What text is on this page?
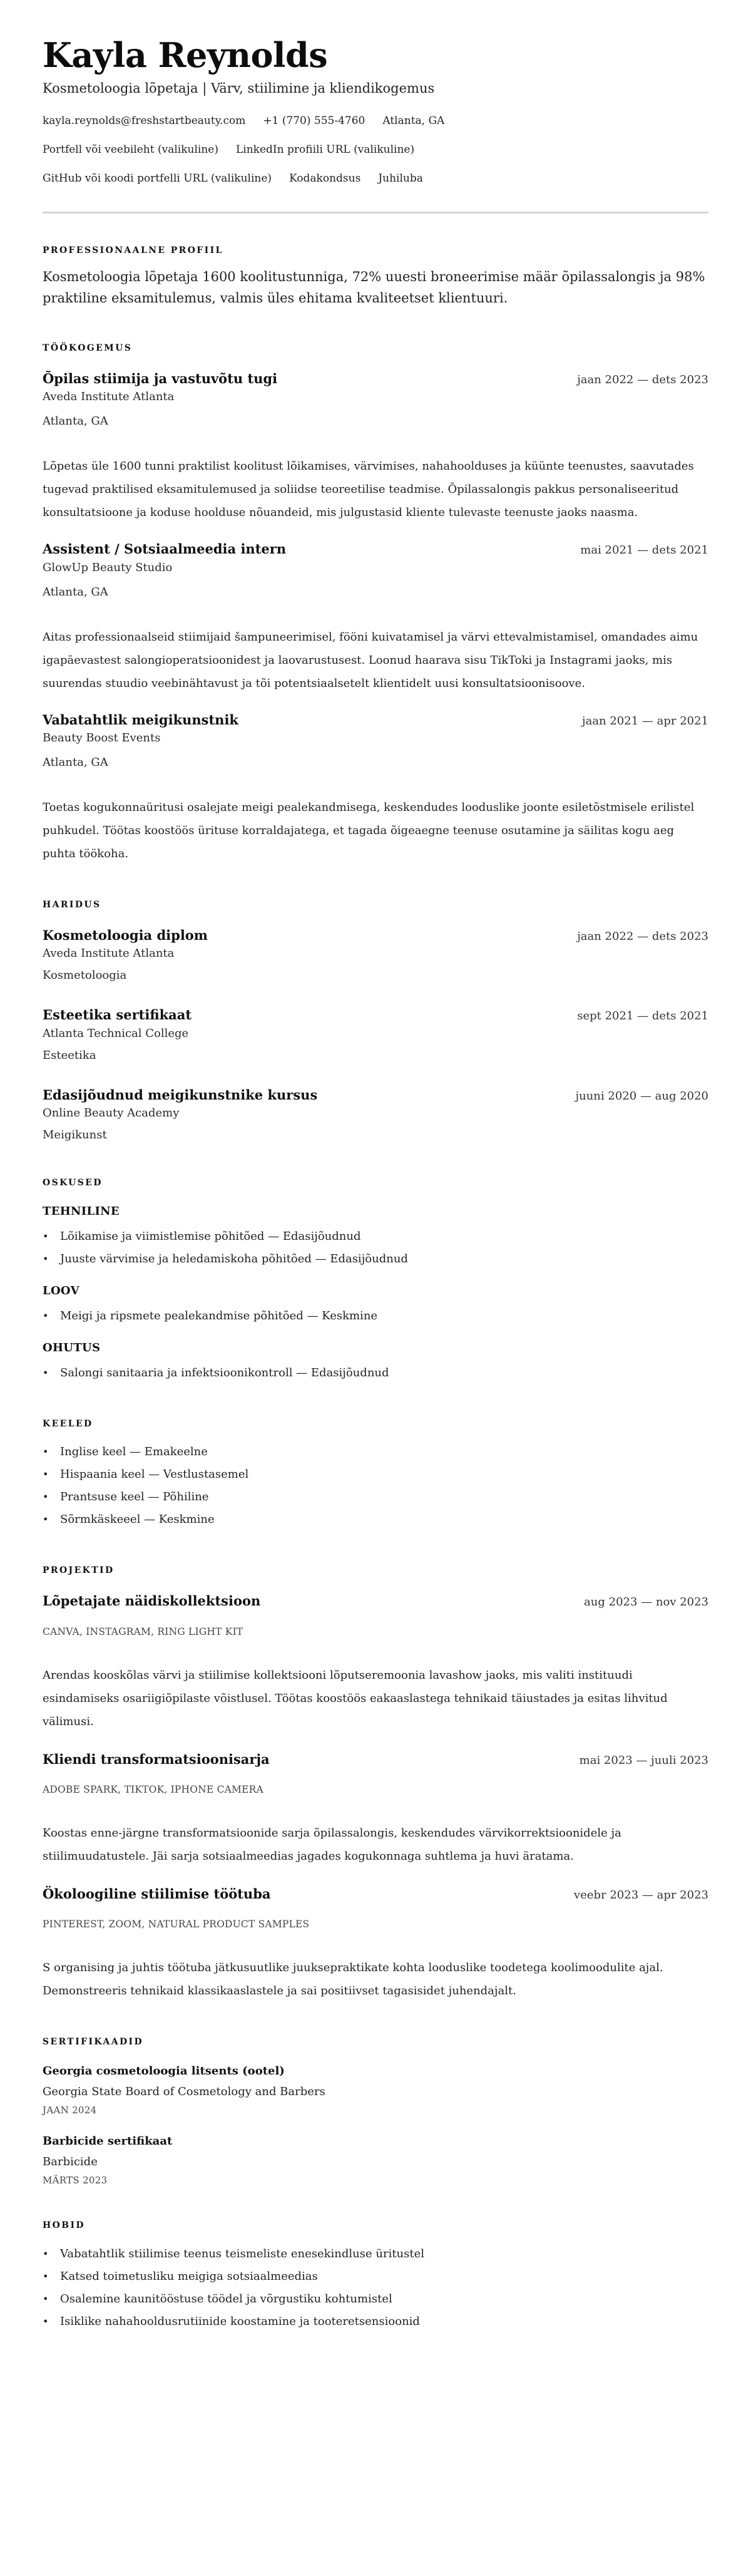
Kayla Reynolds
Kosmetoloogia lõpetaja | Värv, stiilimine ja kliendikogemus
kayla.reynolds@freshstartbeauty.com +1 (770) 555-4760 Atlanta, GA
Portfell või veebileht (valikuline) LinkedIn profiili URL (valikuline)
GitHub või koodi portfelli URL (valikuline) Kodakondsus Juhiluba
PROFESSIONAALNE PROFIIL

Kosmetoloogia lõpetaja 1600 koolitustunniga, 72% uuesti broneerimise määr õpilassalongis ja 98% praktiline eksamitulemus, valmis üles ehitama kvaliteetset klientuuri.

TÖÖKOGEMUS
Õpilas stiimija ja vastuvõtu tugi	jaan 2022 — dets 2023
Aveda Institute Atlanta
Atlanta, GA

Lõpetas üle 1600 tunni praktilist koolitust lõikamises, värvimises, nahahoolduses ja küünte teenustes, saavutades tugevad praktilised eksamitulemused ja soliidse teoreetilise teadmise. Õpilassalongis pakkus personaliseeritud konsultatsioone ja koduse hoolduse nõuandeid, mis julgustasid kliente tulevaste teenuste jaoks naasma.

Assistent / Sotsiaalmeedia intern	mai 2021 — dets 2021
GlowUp Beauty Studio
Atlanta, GA

Aitas professionaalseid stiimijaid šampuneerimisel, fööni kuivatamisel ja värvi ettevalmistamisel, omandades aimu igapäevastest salongioperatsioonidest ja laovarustusest. Loonud haarava sisu TikToki ja Instagrami jaoks, mis suurendas stuudio veebinähtavust ja tõi potentsiaalsetelt klientidelt uusi konsultatsioonisoove.

Vabatahtlik meigikunstnik	jaan 2021 — apr 2021
Beauty Boost Events
Atlanta, GA

Toetas kogukonnaüritusi osalejate meigi pealekandmisega, keskendudes looduslike joonte esiletõstmisele erilistel puhkudel. Töötas koostöös ürituse korraldajatega, et tagada õigeaegne teenuse osutamine ja säilitas kogu aeg puhta töökoha.

HARIDUS
Kosmetoloogia diplom	jaan 2022 — dets 2023
Aveda Institute Atlanta
Kosmetoloogia
Esteetika sertifikaat	sept 2021 — dets 2021
Atlanta Technical College
Esteetika
Edasijõudnud meigikunstnike kursus	juuni 2020 — aug 2020
Online Beauty Academy
Meigikunst
OSKUSED
TEHNILINE
• Lõikamise ja viimistlemise põhitõed — Edasijõudnud
• Juuste värvimise ja heledamiskoha põhitõed — Edasijõudnud
LOOV
• Meigi ja ripsmete pealekandmise põhitõed — Keskmine
OHUTUS
• Salongi sanitaaria ja infektsioonikontroll — Edasijõudnud
KEELED
• Inglise keel — Emakeelne
• Hispaania keel — Vestlustasemel
• Prantsuse keel — Põhiline
• Sõrmkäskeeel — Keskmine
PROJEKTID
Lõpetajate näidiskollektsioon	aug 2023 — nov 2023
CANVA, INSTAGRAM, RING LIGHT KIT

Arendas kooskõlas värvi ja stiilimise kollektsiooni lõputseremoonia lavashow jaoks, mis valiti instituudi esindamiseks osariigiõpilaste võistlusel. Töötas koostöös eakaaslastega tehnikaid täiustades ja esitas lihvitud välimusi.

Kliendi transformatsioonisarja	mai 2023 — juuli 2023
ADOBE SPARK, TIKTOK, IPHONE CAMERA

Koostas enne-järgne transformatsioonide sarja õpilassalongis, keskendudes värvikorrektsioonidele ja stiilimuudatustele. Jäi sarja sotsiaalmeedias jagades kogukonnaga suhtlema ja huvi äratama.

Ökoloogiline stiilimise töötuba	veebr 2023 — apr 2023
PINTEREST, ZOOM, NATURAL PRODUCT SAMPLES

S organising ja juhtis töötuba jätkusuutlike juuksepraktikate kohta looduslike toodetega koolimoodulite ajal. Demonstreeris tehnikaid klassikaaslastele ja sai positiivset tagasisidet juhendajalt.

SERTIFIKAADID
Georgia cosmetoloogia litsents (ootel)
Georgia State Board of Cosmetology and Barbers
JAAN 2024
Barbicide sertifikaat
Barbicide
MÄRTS 2023
HOBID
• Vabatahtlik stiilimise teenus teismeliste enesekindluse üritustel
• Katsed toimetusliku meigiga sotsiaalmeedias
• Osalemine kaunitööstuse töödel ja võrgustiku kohtumistel
• Isiklike nahahooldusrutiinide koostamine ja tooteretsensioonid
